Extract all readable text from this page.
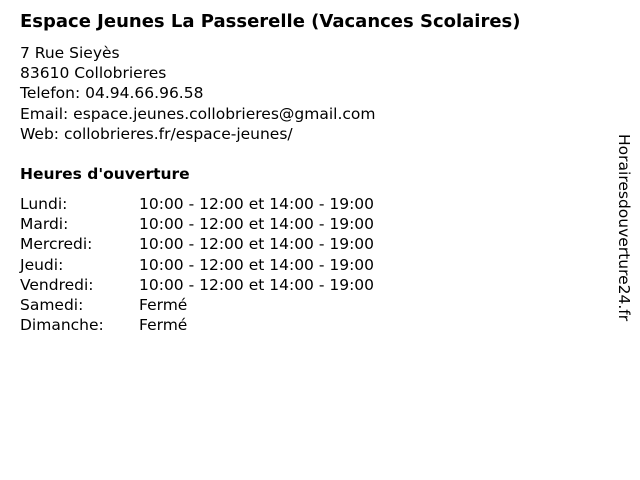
Espace Jeunes La Passerelle (Vacances Scolaires)
7 Rue Sieyès
83610 Collobrieres
Telefon: 04.94.66.96.58
Email: espace.jeunes.collobrieres@gmail.com
Web: collobrieres.fr/espace-jeunes/
Heures d'ouverture
Lundi:	10:00 - 12:00 et 14:00 - 19:00
Mardi:	10:00 - 12:00 et 14:00 - 19:00
Mercredi:	10:00 - 12:00 et 14:00 - 19:00
Jeudi:	10:00 - 12:00 et 14:00 - 19:00
Vendredi:	10:00 - 12:00 et 14:00 - 19:00
Samedi:	Fermé
Dimanche: Fermé
Horairesdouverture24.fr
